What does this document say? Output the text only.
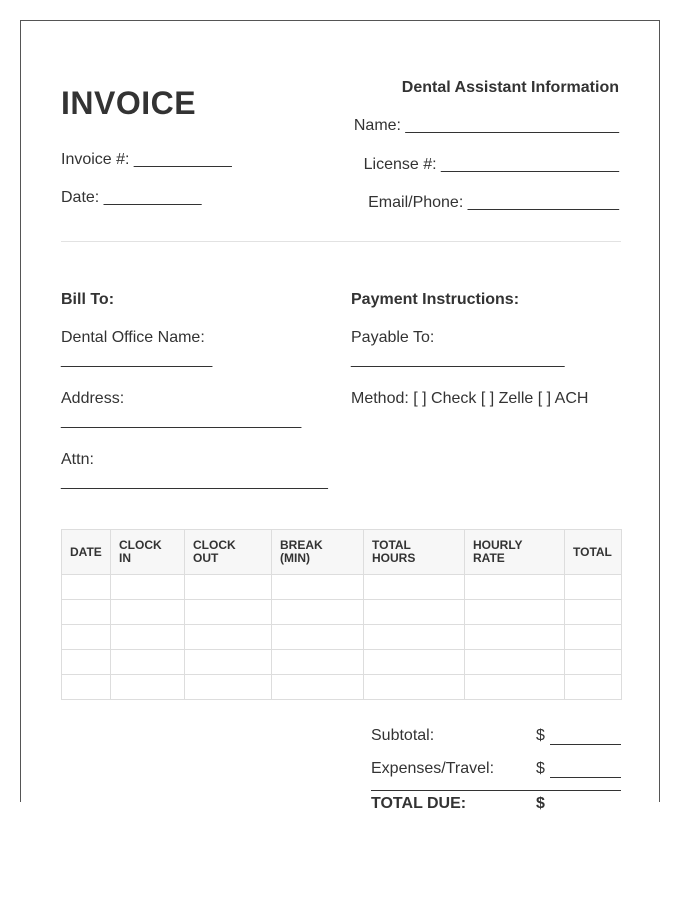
INVOICE
Invoice #: ___________
Date: ___________
Dental Assistant Information
Name: ________________________
License #: ____________________
Email/Phone: _________________
Bill To:
Dental Office Name:
_________________
Address:
___________________________
Attn:
______________________________
Payment Instructions:
Payable To:
________________________
Method: [ ] Check [ ] Zelle [ ] ACH
DATE	CLOCK IN	CLOCK OUT	BREAK (MIN)	TOTAL HOURS	HOURLY RATE	TOTAL

Subtotal:	$
Expenses/Travel:	$
TOTAL DUE:	$
